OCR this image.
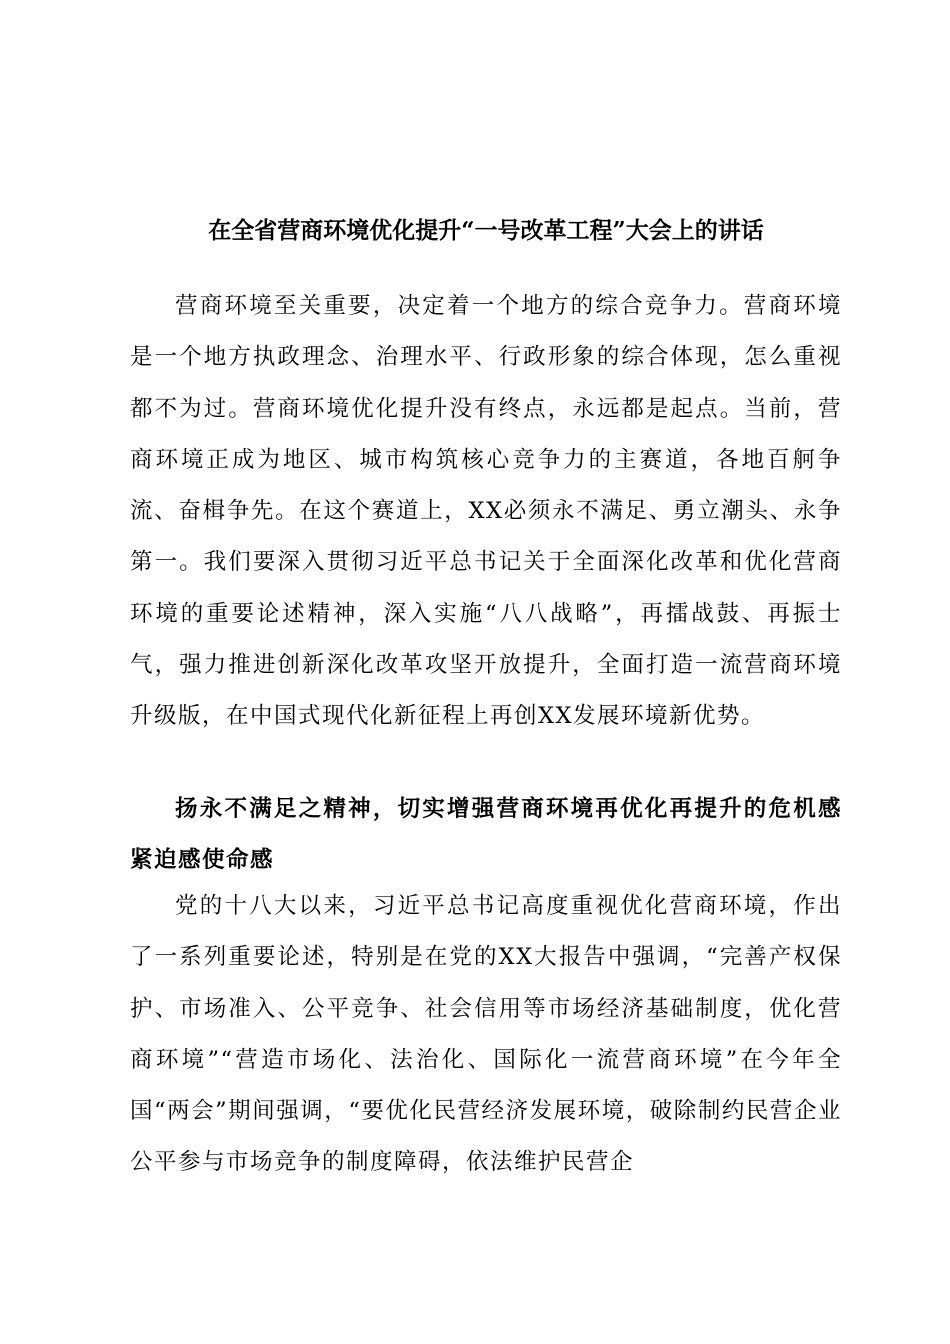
在全省营商环境优化提升“一号改革工程”大会上的讲话

营商环境至关重要，决定着一个地方的综合竞争力。营商环境是一个地方执政理念、治理水平、行政形象的综合体现，怎么重视都不为过。营商环境优化提升没有终点，永远都是起点。当前，营商环境正成为地区、城市构筑核心竞争力的主赛道，各地百舸争流、奋楫争先。在这个赛道上，XX必须永不满足、勇立潮头、永争第一。我们要深入贯彻习近平总书记关于全面深化改革和优化营商环境的重要论述精神，深入实施“八八战略”，再擂战鼓、再振士气，强力推进创新深化改革攻坚开放提升，全面打造一流营商环境升级版，在中国式现代化新征程上再创XX发展环境新优势。

扬永不满足之精神，切实增强营商环境再优化再提升的危机感紧迫感使命感

党的十八大以来，习近平总书记高度重视优化营商环境，作出了一系列重要论述，特别是在党的XX大报告中强调，“完善产权保护、市场准入、公平竞争、社会信用等市场经济基础制度，优化营商环境”“营造市场化、法治化、国际化一流营商环境”在今年全国“两会”期间强调，“要优化民营经济发展环境，破除制约民营企业公平参与市场竞争的制度障碍，依法维护民营企
